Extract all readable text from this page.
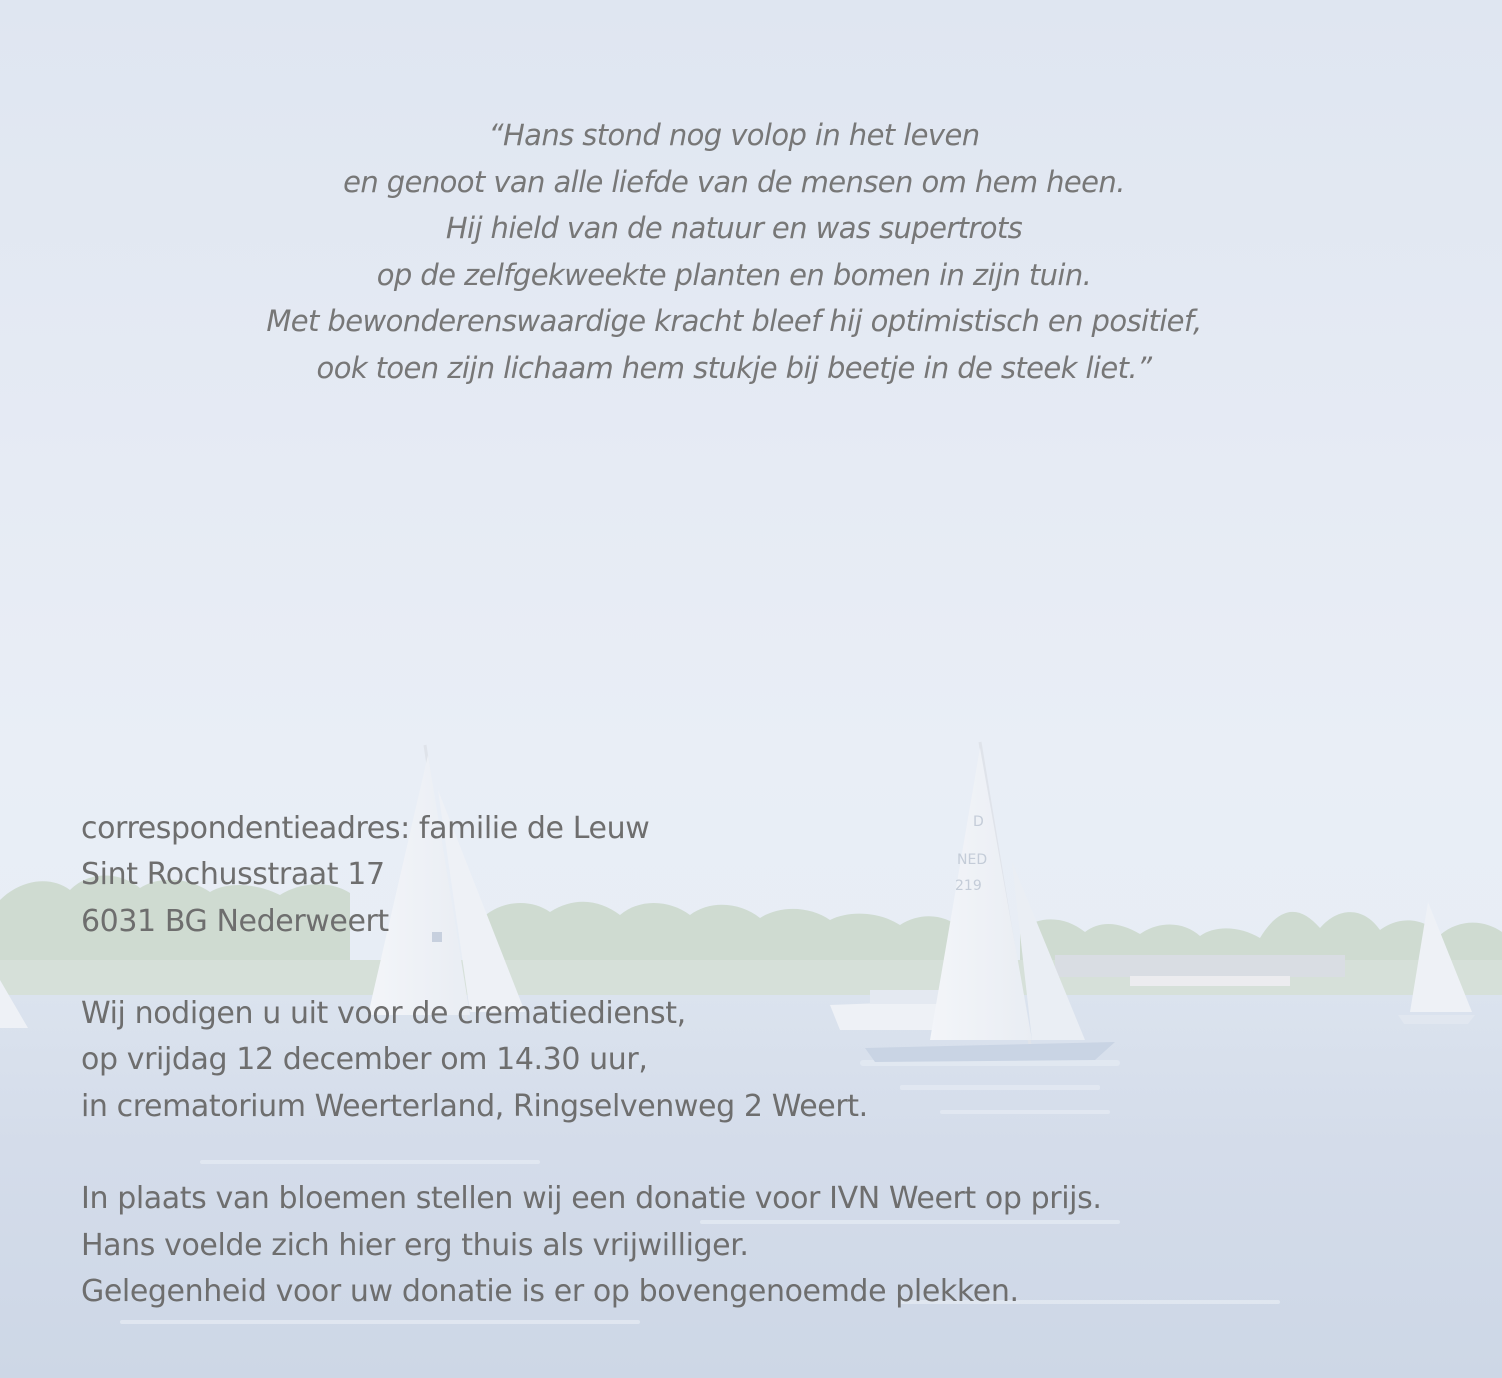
D
NED
219
“Hans stond nog volop in het leven
en genoot van alle liefde van de mensen om hem heen.
Hij hield van de natuur en was supertrots
op de zelfgekweekte planten en bomen in zijn tuin.
Met bewonderenswaardige kracht bleef hij optimistisch en positief,
ook toen zijn lichaam hem stukje bij beetje in de steek liet.”
correspondentieadres: familie de Leuw
Sint Rochusstraat 17
6031 BG Nederweert
Wij nodigen u uit voor de crematiedienst,
op vrijdag 12 december om 14.30 uur,
in crematorium Weerterland, Ringselvenweg 2 Weert.
In plaats van bloemen stellen wij een donatie voor IVN Weert op prijs.
Hans voelde zich hier erg thuis als vrijwilliger.
Gelegenheid voor uw donatie is er op bovengenoemde plekken.
